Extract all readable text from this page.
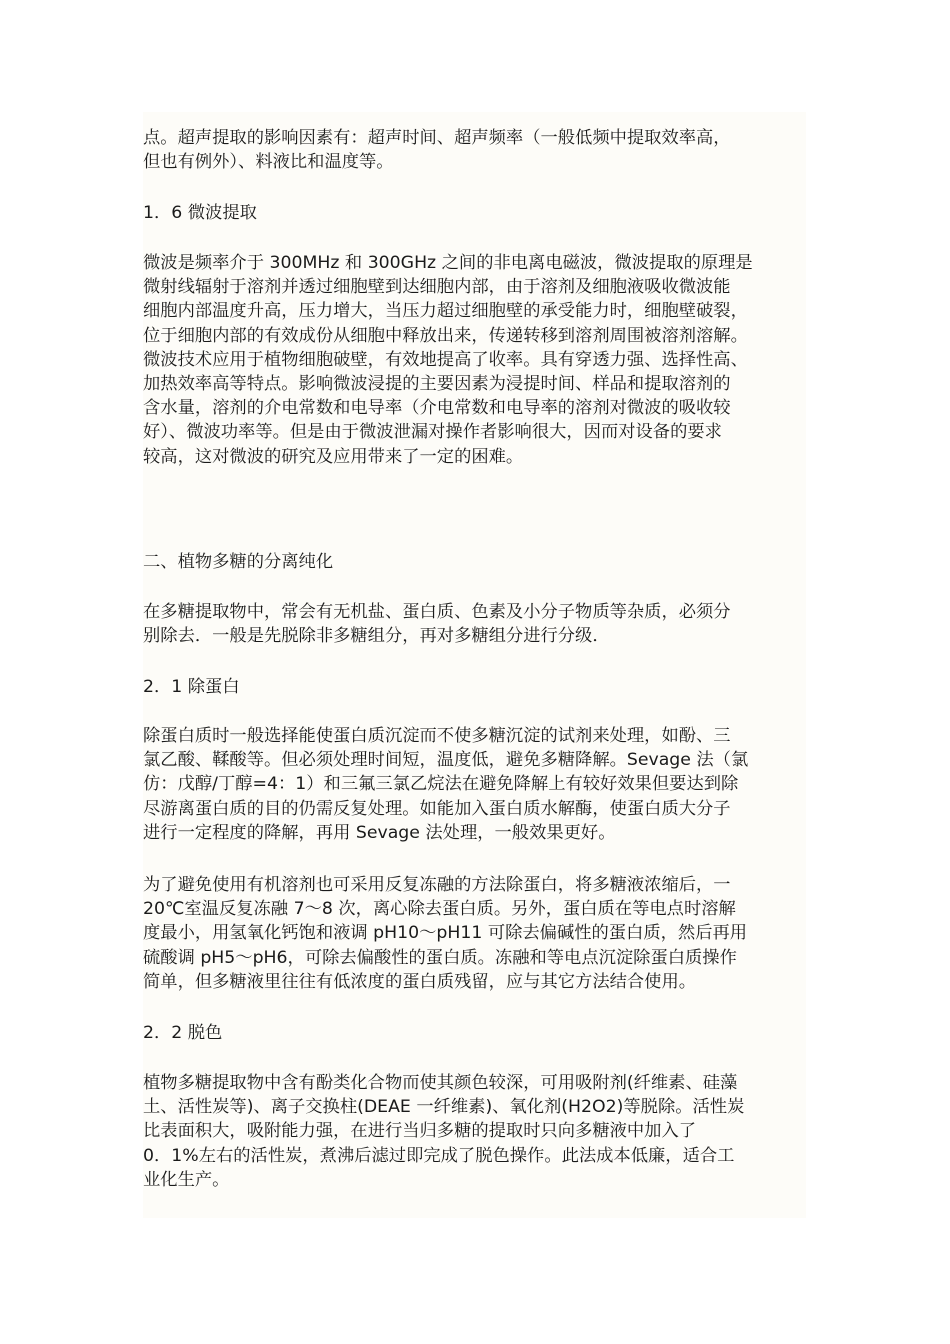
点。超声提取的影响因素有：超声时间、超声频率（一般低频中提取效率高，
但也有例外）、料液比和温度等。
1．6 微波提取
微波是频率介于 300MHz 和 300GHz 之间的非电离电磁波，微波提取的原理是
微射线辐射于溶剂并透过细胞壁到达细胞内部，由于溶剂及细胞液吸收微波能
细胞内部温度升高，压力增大，当压力超过细胞壁的承受能力时，细胞壁破裂，
位于细胞内部的有效成份从细胞中释放出来，传递转移到溶剂周围被溶剂溶解。
微波技术应用于植物细胞破壁，有效地提高了收率。具有穿透力强、选择性高、
加热效率高等特点。影响微波浸提的主要因素为浸提时间、样品和提取溶剂的
含水量，溶剂的介电常数和电导率（介电常数和电导率的溶剂对微波的吸收较
好）、微波功率等。但是由于微波泄漏对操作者影响很大，因而对设备的要求
较高，这对微波的研究及应用带来了一定的困难。
二、植物多糖的分离纯化
在多糖提取物中，常会有无机盐、蛋白质、色素及小分子物质等杂质，必须分
别除去．一般是先脱除非多糖组分，再对多糖组分进行分级．
2．1 除蛋白
除蛋白质时一般选择能使蛋白质沉淀而不使多糖沉淀的试剂来处理，如酚、三
氯乙酸、鞣酸等。但必须处理时间短，温度低，避免多糖降解。Sevage 法（氯
仿：戊醇/丁醇=4：1）和三氟三氯乙烷法在避免降解上有较好效果但要达到除
尽游离蛋白质的目的仍需反复处理。如能加入蛋白质水解酶，使蛋白质大分子
进行一定程度的降解，再用 Sevage 法处理，一般效果更好。
为了避免使用有机溶剂也可采用反复冻融的方法除蛋白，将多糖液浓缩后，一
20℃室温反复冻融 7～8 次，离心除去蛋白质。另外，蛋白质在等电点时溶解
度最小，用氢氧化钙饱和液调 pH10～pH11 可除去偏碱性的蛋白质，然后再用
硫酸调 pH5～pH6，可除去偏酸性的蛋白质。冻融和等电点沉淀除蛋白质操作
简单，但多糖液里往往有低浓度的蛋白质残留，应与其它方法结合使用。
2．2 脱色
植物多糖提取物中含有酚类化合物而使其颜色较深，可用吸附剂(纤维素、硅藻
土、活性炭等)、离子交换柱(DEAE 一纤维素)、氧化剂(H2O2)等脱除。活性炭
比表面积大，吸附能力强，在进行当归多糖的提取时只向多糖液中加入了
0．1%左右的活性炭，煮沸后滤过即完成了脱色操作。此法成本低廉，适合工
业化生产。
